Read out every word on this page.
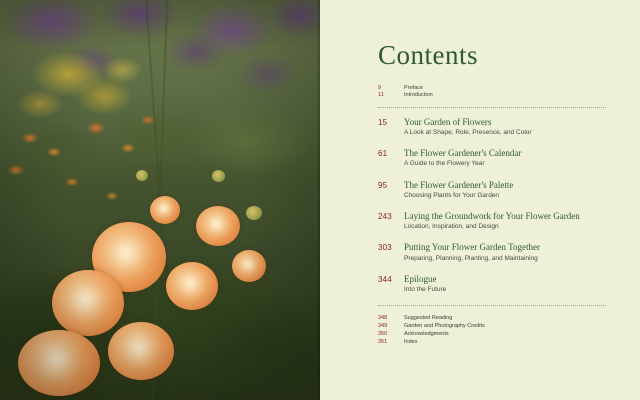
Contents
9	Preface
11	Introduction
15	Your Garden of Flowers
A Look at Shape, Role, Presence, and Color
61	The Flower Gardener's Calendar
A Guide to the Flowery Year
95	The Flower Gardener's Palette
Choosing Plants for Your Garden
243	Laying the Groundwork for Your Flower Garden
Location, Inspiration, and Design
303	Putting Your Flower Garden Together
Preparing, Planning, Planting, and Maintaining
344	Epilogue
Into the Future
348	Suggested Reading
349	Garden and Photography Credits
350	Acknowledgments
351	Index
